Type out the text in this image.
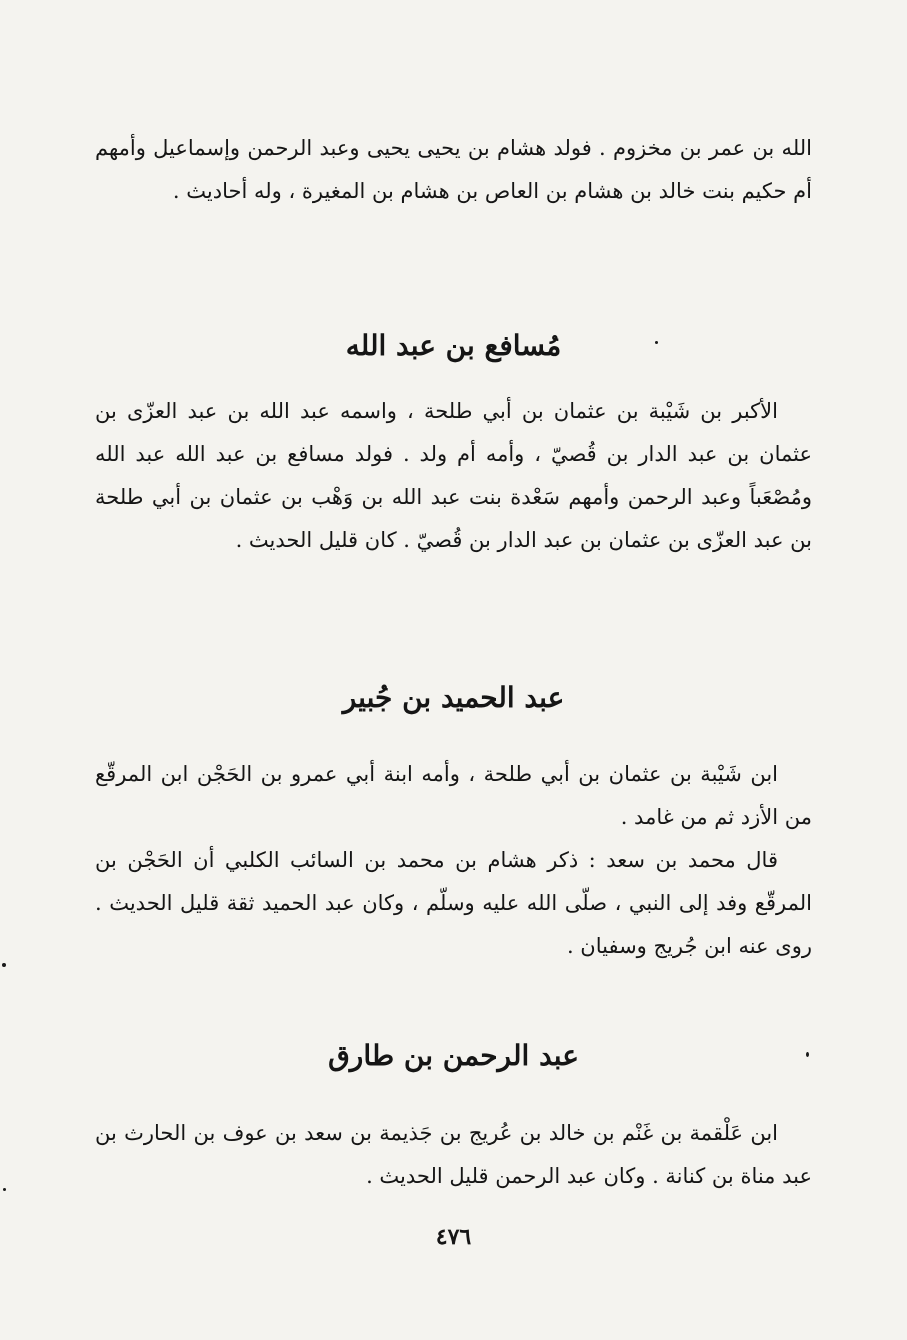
الله بن عمر بن مخزوم . فولد هشام بن يحيى يحيى وعبد الرحمن وإسماعيل وأمهم أم حكيم بنت خالد بن هشام بن العاص بن هشام بن المغيرة ، وله أحاديث .

مُسافع بن عبد الله

الأكبر بن شَيْبة بن عثمان بن أبي طلحة ، واسمه عبد الله بن عبد العزّى بن عثمان بن عبد الدار بن قُصيّ ، وأمه أم ولد . فولد مسافع بن عبد الله عبد الله ومُصْعَباً وعبد الرحمن وأمهم سَعْدة بنت عبد الله بن وَهْب بن عثمان بن أبي طلحة بن عبد العزّى بن عثمان بن عبد الدار بن قُصيّ . كان قليل الحديث .

عبد الحميد بن جُبير

ابن شَيْبة بن عثمان بن أبي طلحة ، وأمه ابنة أبي عمرو بن الحَجْن ابن المرقّع من الأزد ثم من غامد .

قال محمد بن سعد : ذكر هشام بن محمد بن السائب الكلبي أن الحَجْن بن المرقّع وفد إلى النبي ، صلّى الله عليه وسلّم ، وكان عبد الحميد ثقة قليل الحديث . روى عنه ابن جُريج وسفيان .

عبد الرحمن بن طارق

ابن عَلْقمة بن غَنْم بن خالد بن عُريج بن جَذيمة بن سعد بن عوف بن الحارث بن عبد مناة بن كنانة . وكان عبد الرحمن قليل الحديث .

٤٧٦
